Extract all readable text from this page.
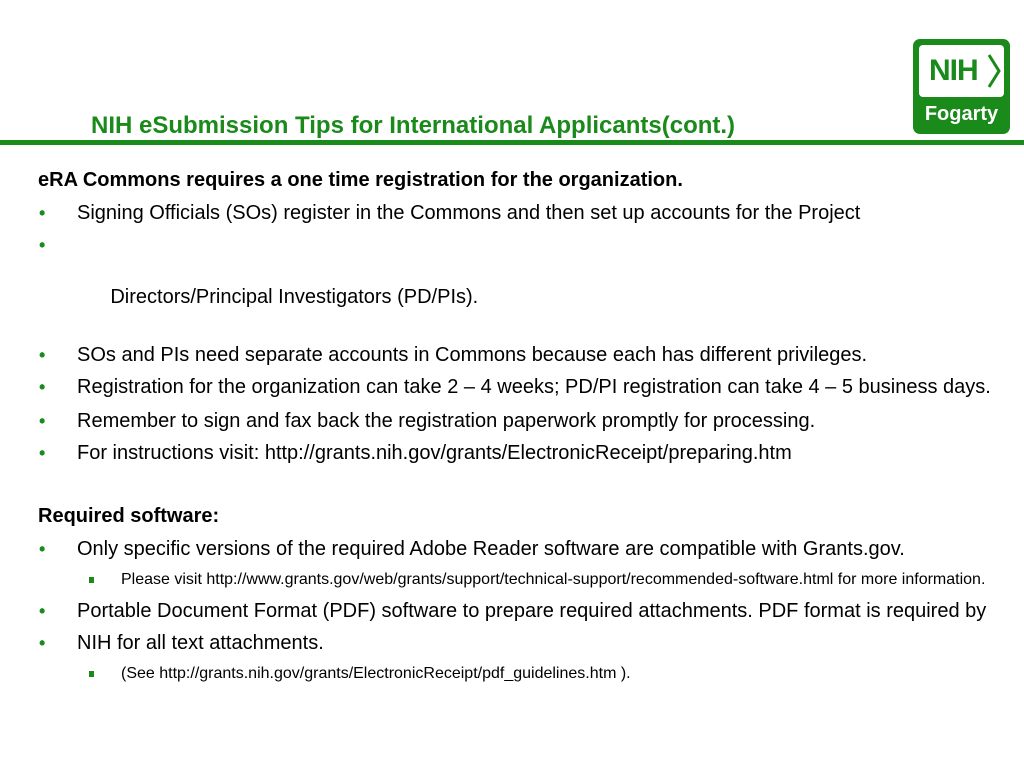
NIH eSubmission Tips for International Applicants(cont.)
NIH
Fogarty
eRA Commons requires a one time registration for the organization.
• Signing Officials (SOs) register in the Commons and then set up accounts for the Project

•

Directors/Principal Investigators (PD/PIs).

• SOs and PIs need separate accounts in Commons because each has different privileges.
• Registration for the organization can take 2 – 4 weeks; PD/PI registration can take 4 – 5 business days.
• Remember to sign and fax back the registration paperwork promptly for processing.
• For instructions visit: http://grants.nih.gov/grants/ElectronicReceipt/preparing.htm
Required software:
• Only specific versions of the required Adobe Reader software are compatible with Grants.gov.
Please visit http://www.grants.gov/web/grants/support/technical-support/recommended-software.html for more information.
• Portable Document Format (PDF) software to prepare required attachments. PDF format is required by
• NIH for all text attachments.
(See http://grants.nih.gov/grants/ElectronicReceipt/pdf_guidelines.htm ).
